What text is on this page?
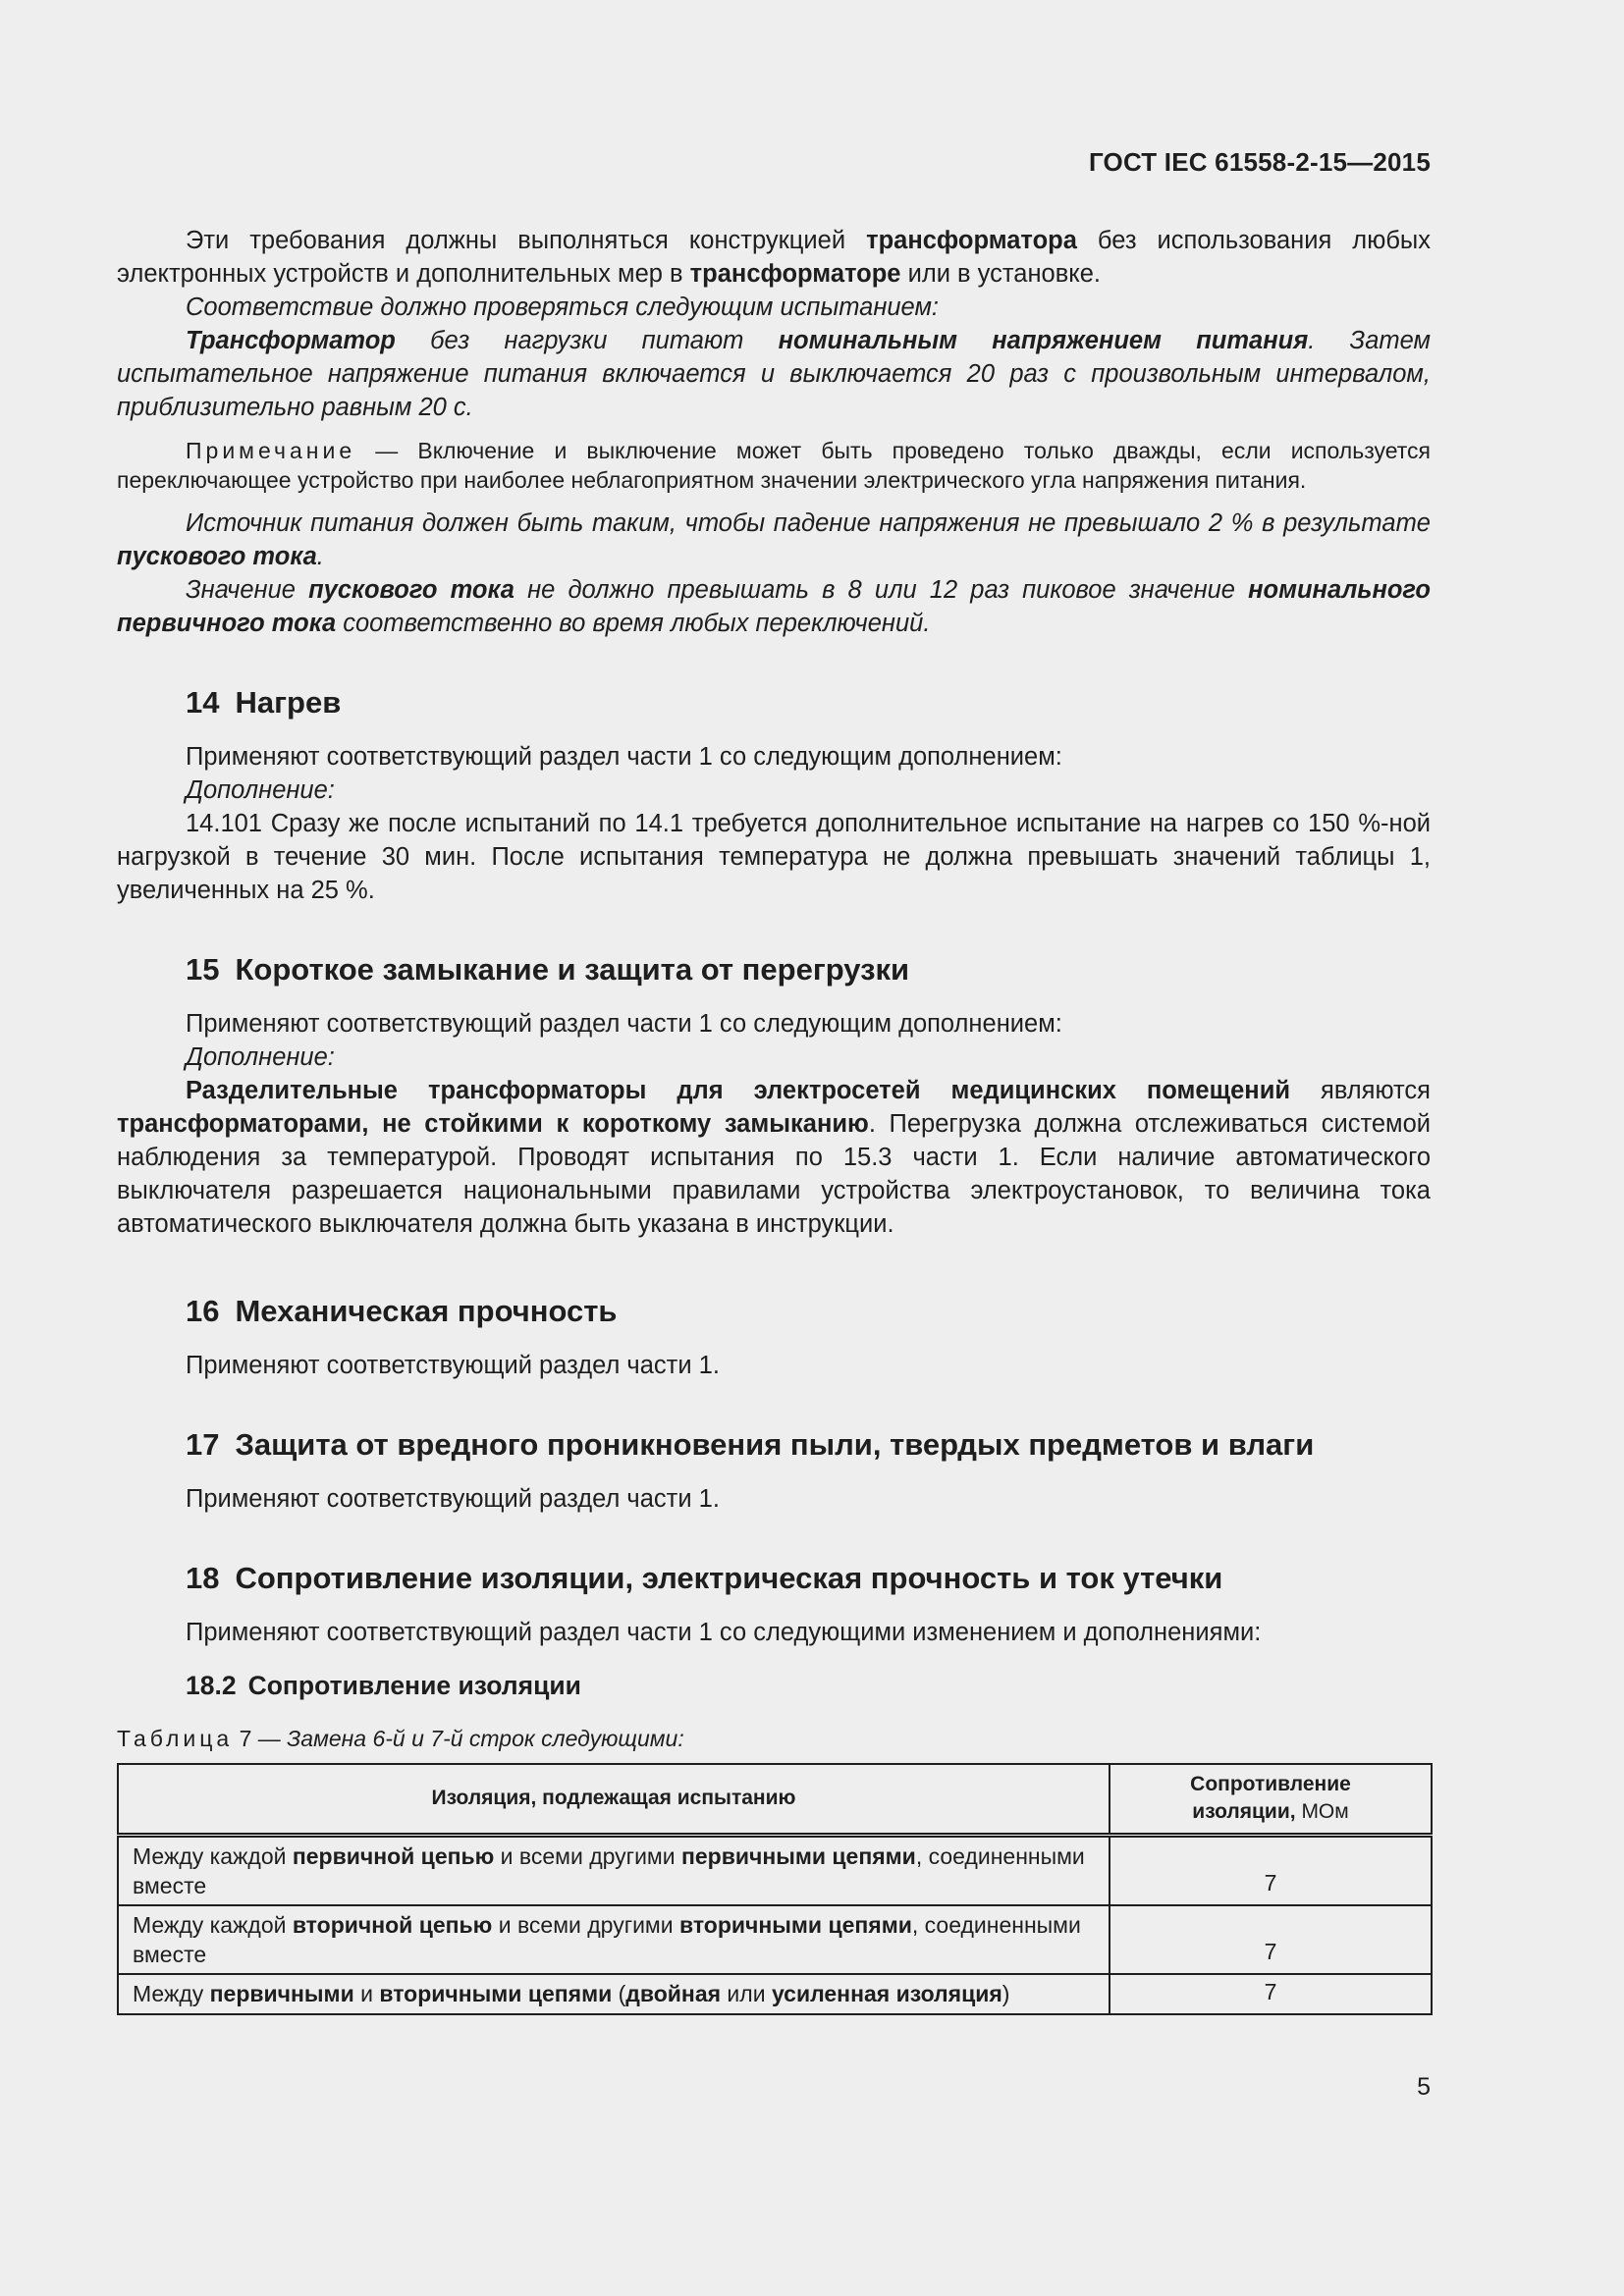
ГОСТ IEC 61558-2-15—2015

Эти требования должны выполняться конструкцией трансформатора без использования любых электронных устройств и дополнительных мер в трансформаторе или в установке.

Соответствие должно проверяться следующим испытанием:

Трансформатор без нагрузки питают номинальным напряжением питания. Затем испытательное напряжение питания включается и выключается 20 раз с произвольным интервалом, приблизительно равным 20 с.

Примечание — Включение и выключение может быть проведено только дважды, если используется переключающее устройство при наиболее неблагоприятном значении электрического угла напряжения питания.

Источник питания должен быть таким, чтобы падение напряжения не превышало 2 % в результате пускового тока.

Значение пускового тока не должно превышать в 8 или 12 раз пиковое значение номинального первичного тока соответственно во время любых переключений.

14 Нагрев

Применяют соответствующий раздел части 1 со следующим дополнением:

Дополнение:

14.101 Сразу же после испытаний по 14.1 требуется дополнительное испытание на нагрев со 150 %-ной нагрузкой в течение 30 мин. После испытания температура не должна превышать значений таблицы 1, увеличенных на 25 %.

15 Короткое замыкание и защита от перегрузки

Применяют соответствующий раздел части 1 со следующим дополнением:

Дополнение:

Разделительные трансформаторы для электросетей медицинских помещений являются трансформаторами, не стойкими к короткому замыканию. Перегрузка должна отслеживаться системой наблюдения за температурой. Проводят испытания по 15.3 части 1. Если наличие автоматического выключателя разрешается национальными правилами устройства электроустановок, то величина тока автоматического выключателя должна быть указана в инструкции.

16 Механическая прочность

Применяют соответствующий раздел части 1.

17 Защита от вредного проникновения пыли, твердых предметов и влаги

Применяют соответствующий раздел части 1.

18 Сопротивление изоляции, электрическая прочность и ток утечки

Применяют соответствующий раздел части 1 со следующими изменением и дополнениями:

18.2 Сопротивление изоляции

Таблица 7 — Замена 6-й и 7-й строк следующими:

Изоляция, подлежащая испытанию	Сопротивление
изоляции, МОм
Между каждой первичной цепью и всеми другими первичными цепями, соединенными вместе	7
Между каждой вторичной цепью и всеми другими вторичными цепями, соединенными вместе	7
Между первичными и вторичными цепями (двойная или усиленная изоляция)	7
5
